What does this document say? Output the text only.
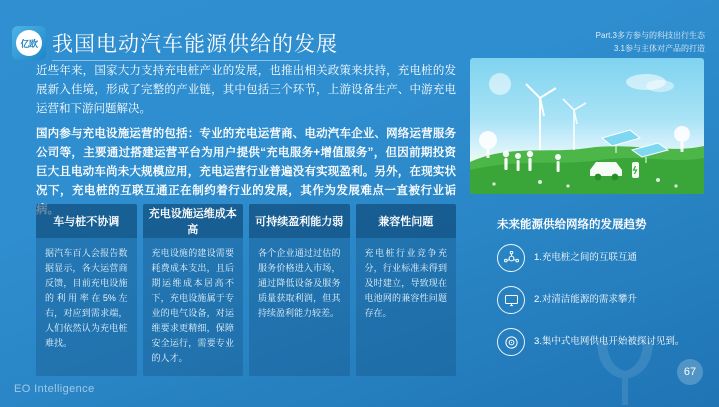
亿欧 我国电动汽车能源供给的发展	Part.3多方参与的科技出行生态
3.1参与主体对产品的打造

近些年来，国家大力支持充电桩产业的发展，也推出相关政策来扶持，充电桩的发展新入佳境，形成了完整的产业链，其中包括三个环节，上游设备生产、中游充电运营和下游问题解决。

国内参与充电设施运营的包括：专业的充电运营商、电动汽车企业、网络运营服务公司等，主要通过搭建运营平台为用户提供“充电服务+增值服务”，但因前期投资巨大且电动车尚未大规模应用，充电运营行业普遍没有实现盈利。另外，在现实状况下，充电桩的互联互通正在制约着行业的发展，其作为发展难点一直被行业诟病。

车与桩不协调
据汽车百人会报告数据显示，各大运营商反馈，目前充电设施的利用率在5%左右，对应到需求端，人们依然认为充电桩难找。
充电设施运维成本高
充电设施的建设需要耗费成本支出，且后期运维成本居高不下，充电设施属于专业的电气设备，对运维要求更精细，保障安全运行，需要专业的人才。
可持续盈利能力弱
各个企业通过过估的服务价格进入市场，通过降低设备及服务质量获取利润，但其持续盈利能力较差。
兼容性问题
充电桩行业竞争充分，行业标准未得到及时建立，导致现在电池网的兼容性问题存在。
未来能源供给网络的发展趋势
1.充电桩之间的互联互通
2.对清洁能源的需求攀升
3.集中式电网供电开始被探讨见到。
EO Intelligence
67
